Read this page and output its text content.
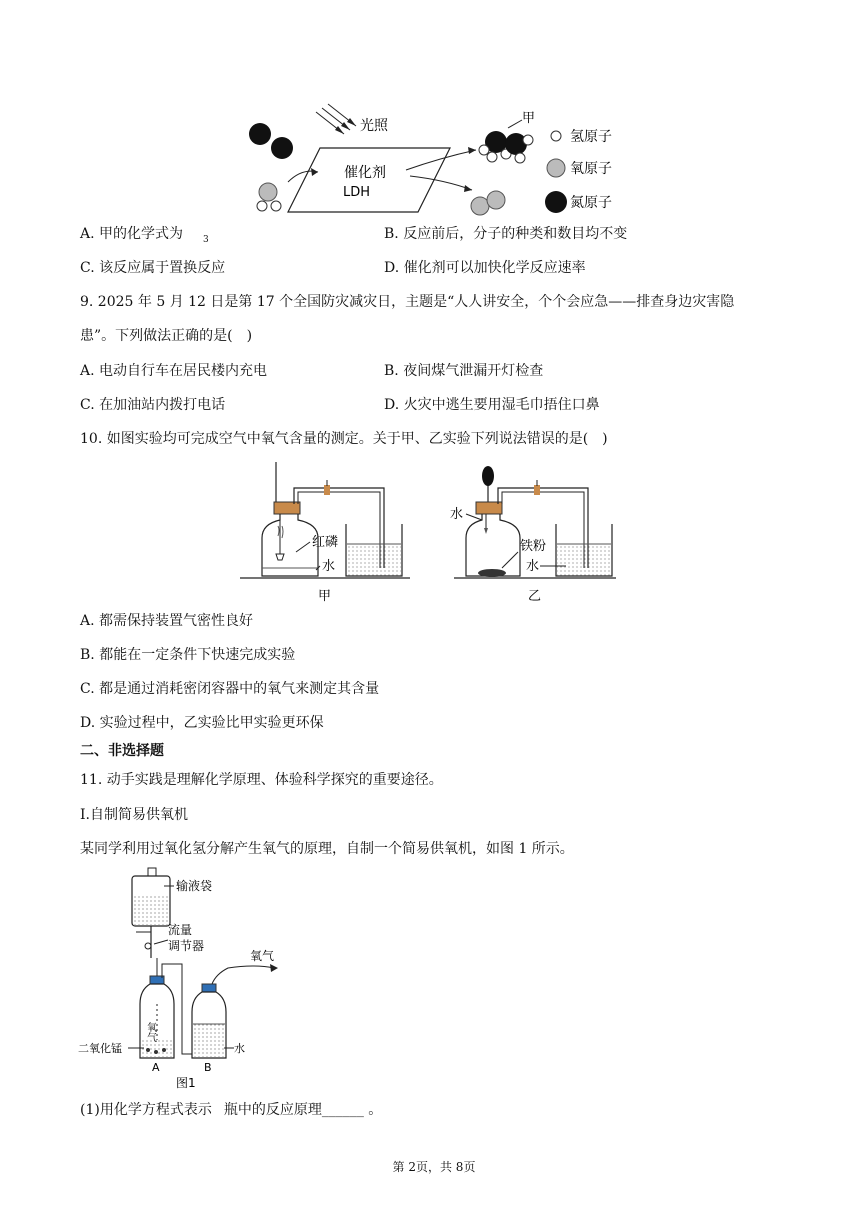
光照
催化剂
LDH
甲
氢原子
氧原子
氮原子
A. 甲的化学式为 $_3$	B. 反应前后，分子的种类和数目均不变
C. 该反应属于置换反应	D. 催化剂可以加快化学反应速率
9. 2025 年 5 月 12 日是第 17 个全国防灾减灾日，主题是“人人讲安全，个个会应急——排查身边灾害隐
患”。下列做法正确的是(　)
A. 电动自行车在居民楼内充电	B. 夜间煤气泄漏开灯检查
C. 在加油站内拨打电话	D. 火灾中逃生要用湿毛巾捂住口鼻
10. 如图实验均可完成空气中氧气含量的测定。关于甲、乙实验下列说法错误的是(　)
红磷
水
甲
水
铁粉
水
乙
A. 都需保持装置气密性良好
B. 都能在一定条件下快速完成实验
C. 都是通过消耗密闭容器中的氧气来测定其含量
D. 实验过程中，乙实验比甲实验更环保
二、非选择题
11. 动手实践是理解化学原理、体验科学探究的重要途径。
I.自制简易供氧机
某同学利用过氧化氢分解产生氧气的原理，自制一个简易供氧机，如图 1 所示。
输液袋
流量
调节器
氧气
二氧化锰
A
水
B
氧气
图1
(1)用化学方程式表示 瓶中的反应原理______ 。
第 2页，共 8页
